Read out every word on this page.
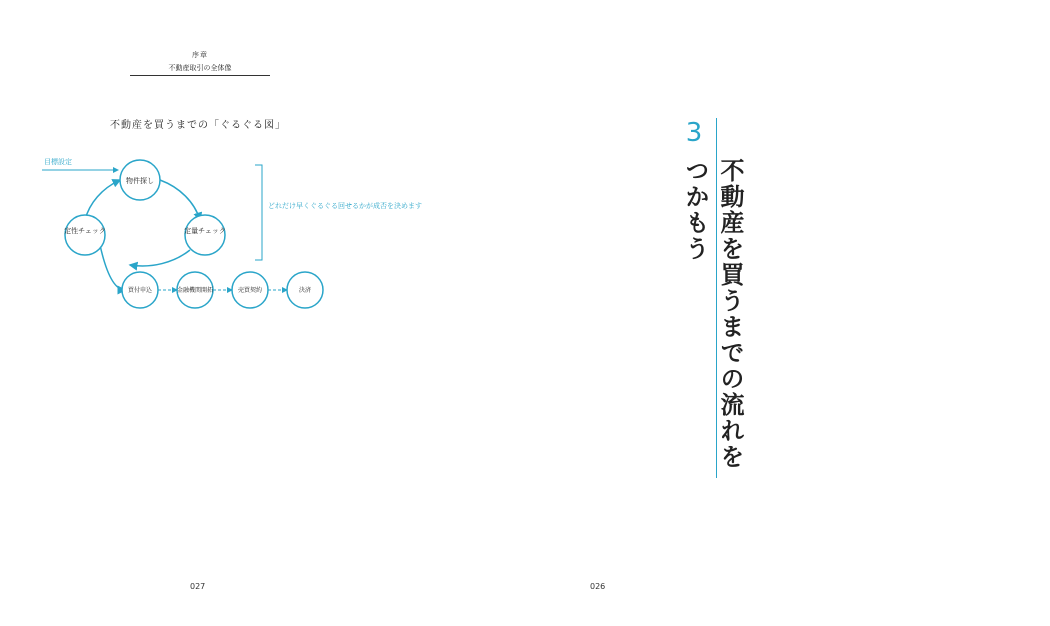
序章
不動産取引の全体像
不動産を買うまでの「ぐるぐる図」
目標設定
どれだけ早くぐるぐる回せるかが成否を決めます
物件探し
定量チェック
定性チェック
買付申込	金融機関開拓	売買契約	決済
027
3
不動産を買うまでの流れをつかもう
026
